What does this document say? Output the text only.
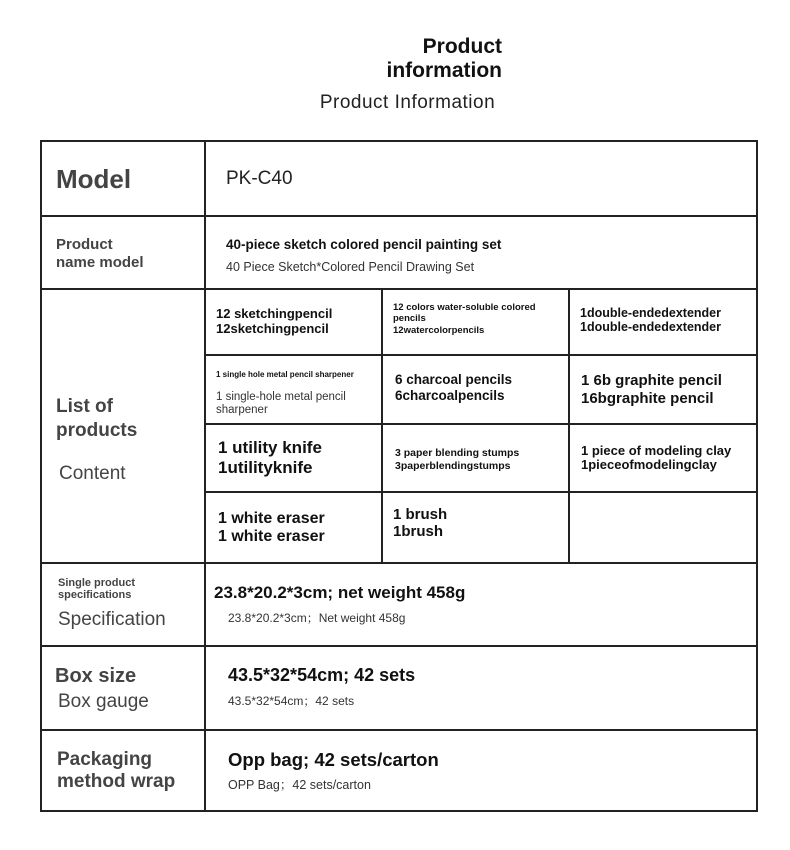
Product information
Product Information
Model	PK-C40
Product
name model
40-piece sketch colored pencil painting set
40 Piece Sketch*Colored Pencil Drawing Set
List of
products
Content
12 sketchingpencil
12sketchingpencil
12 colors water-soluble colored pencils
12watercolorpencils
1double-endedextender
1double-endedextender
1 single hole metal pencil sharpener
1 single-hole metal pencil sharpener
6 charcoal pencils
6charcoalpencils
1 6b graphite pencil
16bgraphite pencil
1 utility knife
1utilityknife
3 paper blending stumps
3paperblendingstumps
1 piece of modeling clay
1pieceofmodelingclay
1 white eraser
1 white eraser
1 brush
1brush
Single product
specifications
Specification
23.8*20.2*3cm; net weight 458g
23.8*20.2*3cm；Net weight 458g
Box size
Box gauge
43.5*32*54cm; 42 sets
43.5*32*54cm；42 sets
Packaging
method wrap
Opp bag; 42 sets/carton
OPP Bag；42 sets/carton
